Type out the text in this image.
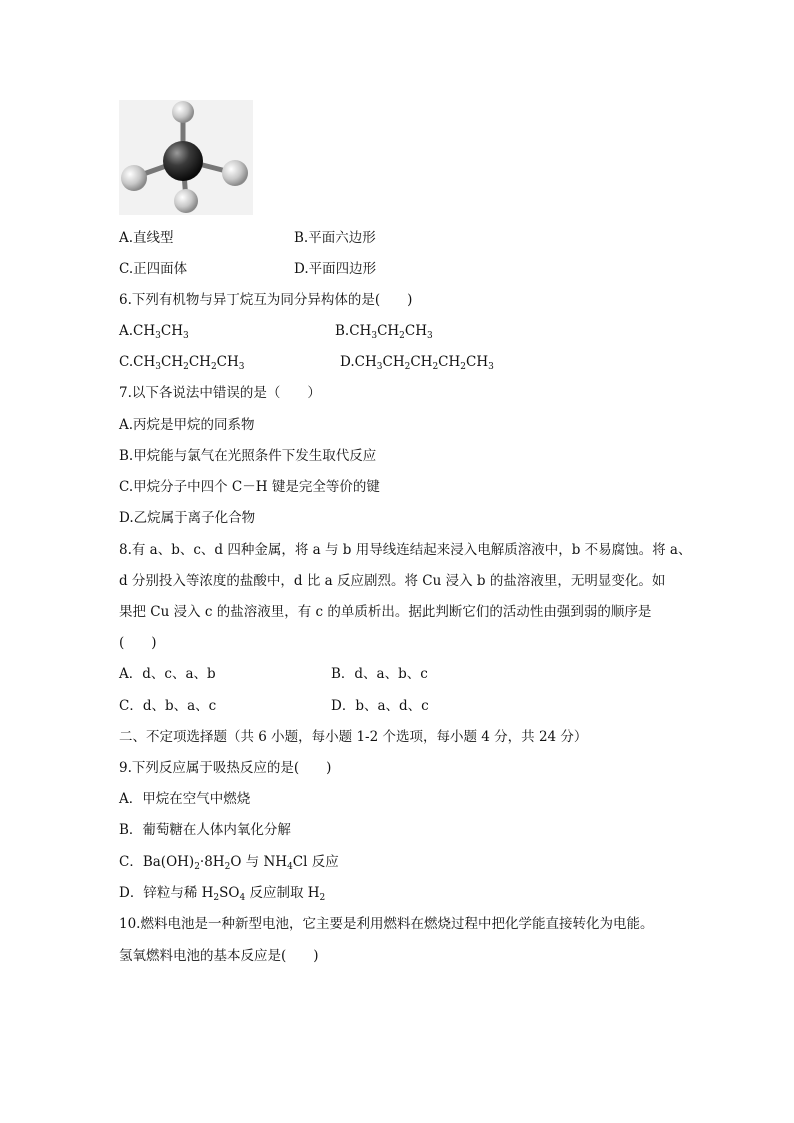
A.直线型	B.平面六边形
C.正四面体	D.平面四边形
6.下列有机物与异丁烷互为同分异构体的是(　　)
$A.CH_3CH_3$	$B.CH_3CH_2CH_3$
$C.CH_3CH_2CH_2CH_3$	$D.CH_3CH_2CH_2CH_2CH_3$
7.以下各说法中错误的是（　　）
A.丙烷是甲烷的同系物
B.甲烷能与氯气在光照条件下发生取代反应
C.甲烷分子中四个 C－H 键是完全等价的键
D.乙烷属于离子化合物
8.有 a、b、c、d 四种金属，将 a 与 b 用导线连结起来浸入电解质溶液中，b 不易腐蚀。将 a、
d 分别投入等浓度的盐酸中，d 比 a 反应剧烈。将 Cu 浸入 b 的盐溶液里，无明显变化。如
果把 Cu 浸入 c 的盐溶液里，有 c 的单质析出。据此判断它们的活动性由强到弱的顺序是
(　　)
A．d、c、a、b	B．d、a、b、c
C．d、b、a、c	D．b、a、d、c
二、不定项选择题（共 6 小题，每小题 1-2 个选项，每小题 4 分，共 24 分）
9.下列反应属于吸热反应的是(　　)
A．甲烷在空气中燃烧
B．葡萄糖在人体内氧化分解
C．$Ba(OH)_2\cdot 8H_2O$ 与 $NH_4Cl$ 反应
D．锌粒与稀 $H_2SO_4$ 反应制取 $H_2$
10.燃料电池是一种新型电池，它主要是利用燃料在燃烧过程中把化学能直接转化为电能。
氢氧燃料电池的基本反应是(　　)
